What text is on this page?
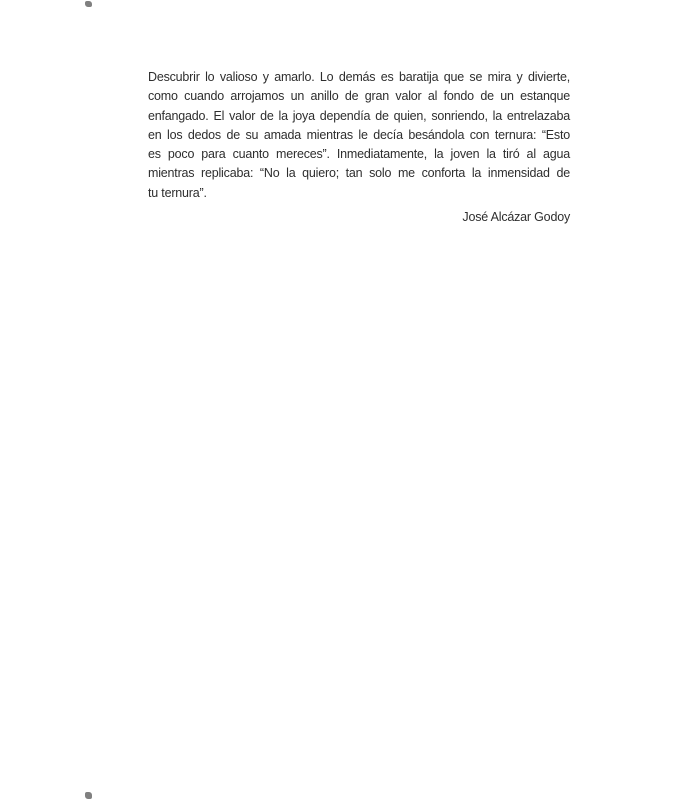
Descubrir lo valioso y amarlo. Lo demás es baratija que se mira y divierte,
como cuando arrojamos un anillo de gran valor al fondo de un estanque
enfangado. El valor de la joya dependía de quien, sonriendo, la entrelazaba
en los dedos de su amada mientras le decía besándola con ternura: “Esto
es poco para cuanto mereces”. Inmediatamente, la joven la tiró al agua
mientras replicaba: “No la quiero; tan solo me conforta la inmensidad de
tu ternura”.
José Alcázar Godoy
